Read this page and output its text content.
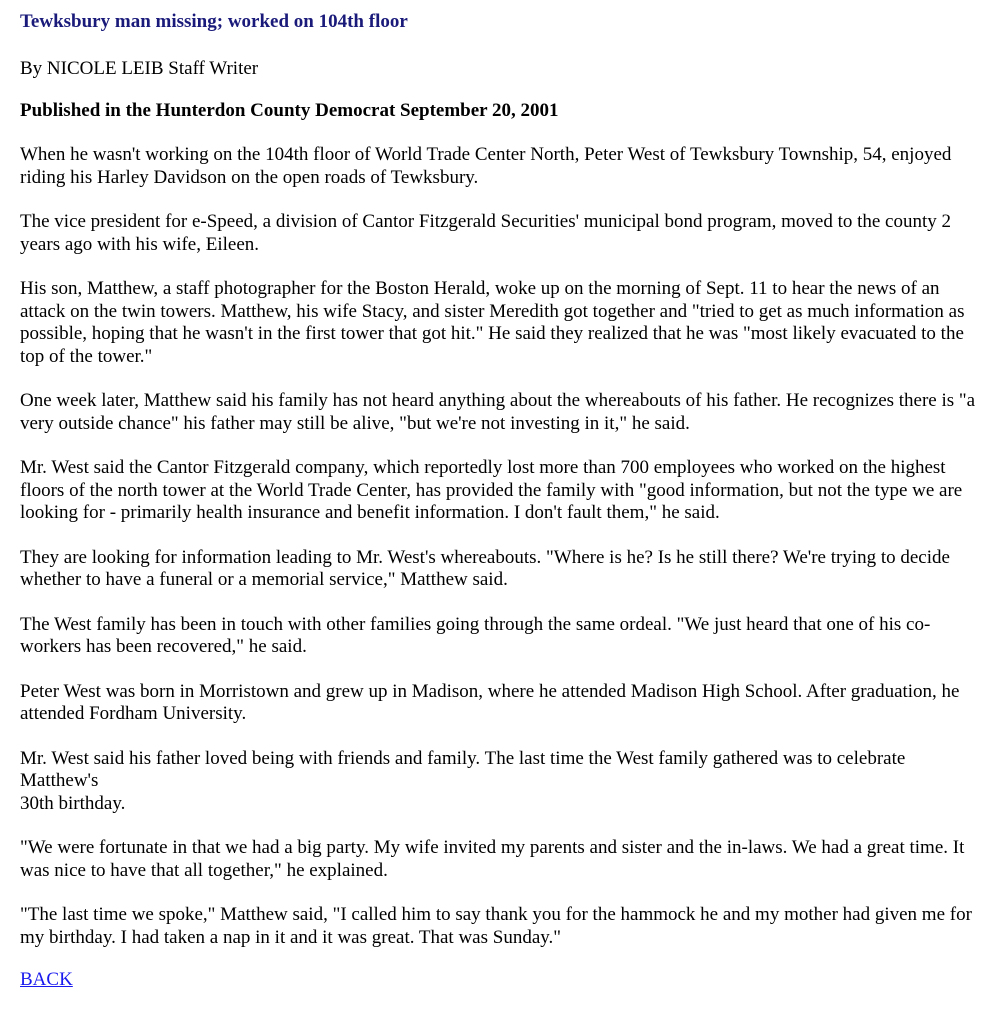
Tewksbury man missing; worked on 104th floor

By NICOLE LEIB Staff Writer

Published in the Hunterdon County Democrat September 20, 2001

When he wasn't working on the 104th floor of World Trade Center North, Peter West of Tewksbury Township, 54, enjoyed riding his Harley Davidson on the open roads of Tewksbury.

The vice president for e-Speed, a division of Cantor Fitzgerald Securities' municipal bond program, moved to the county 2 years ago with his wife, Eileen.

His son, Matthew, a staff photographer for the Boston Herald, woke up on the morning of Sept. 11 to hear the news of an attack on the twin towers. Matthew, his wife Stacy, and sister Meredith got together and "tried to get as much information as possible, hoping that he wasn't in the first tower that got hit." He said they realized that he was "most likely evacuated to the top of the tower."

One week later, Matthew said his family has not heard anything about the whereabouts of his father. He recognizes there is "a very outside chance" his father may still be alive, "but we're not investing in it," he said.

Mr. West said the Cantor Fitzgerald company, which reportedly lost more than 700 employees who worked on the highest floors of the north tower at the World Trade Center, has provided the family with "good information, but not the type we are looking for - primarily health insurance and benefit information. I don't fault them," he said.

They are looking for information leading to Mr. West's whereabouts. "Where is he? Is he still there? We're trying to decide whether to have a funeral or a memorial service," Matthew said.

The West family has been in touch with other families going through the same ordeal. "We just heard that one of his co-workers has been recovered," he said.

Peter West was born in Morristown and grew up in Madison, where he attended Madison High School. After graduation, he attended Fordham University.

Mr. West said his father loved being with friends and family. The last time the West family gathered was to celebrate Matthew's
30th birthday.

"We were fortunate in that we had a big party. My wife invited my parents and sister and the in-laws. We had a great time. It was nice to have that all together," he explained.

"The last time we spoke," Matthew said, "I called him to say thank you for the hammock he and my mother had given me for my birthday. I had taken a nap in it and it was great. That was Sunday."

BACK
